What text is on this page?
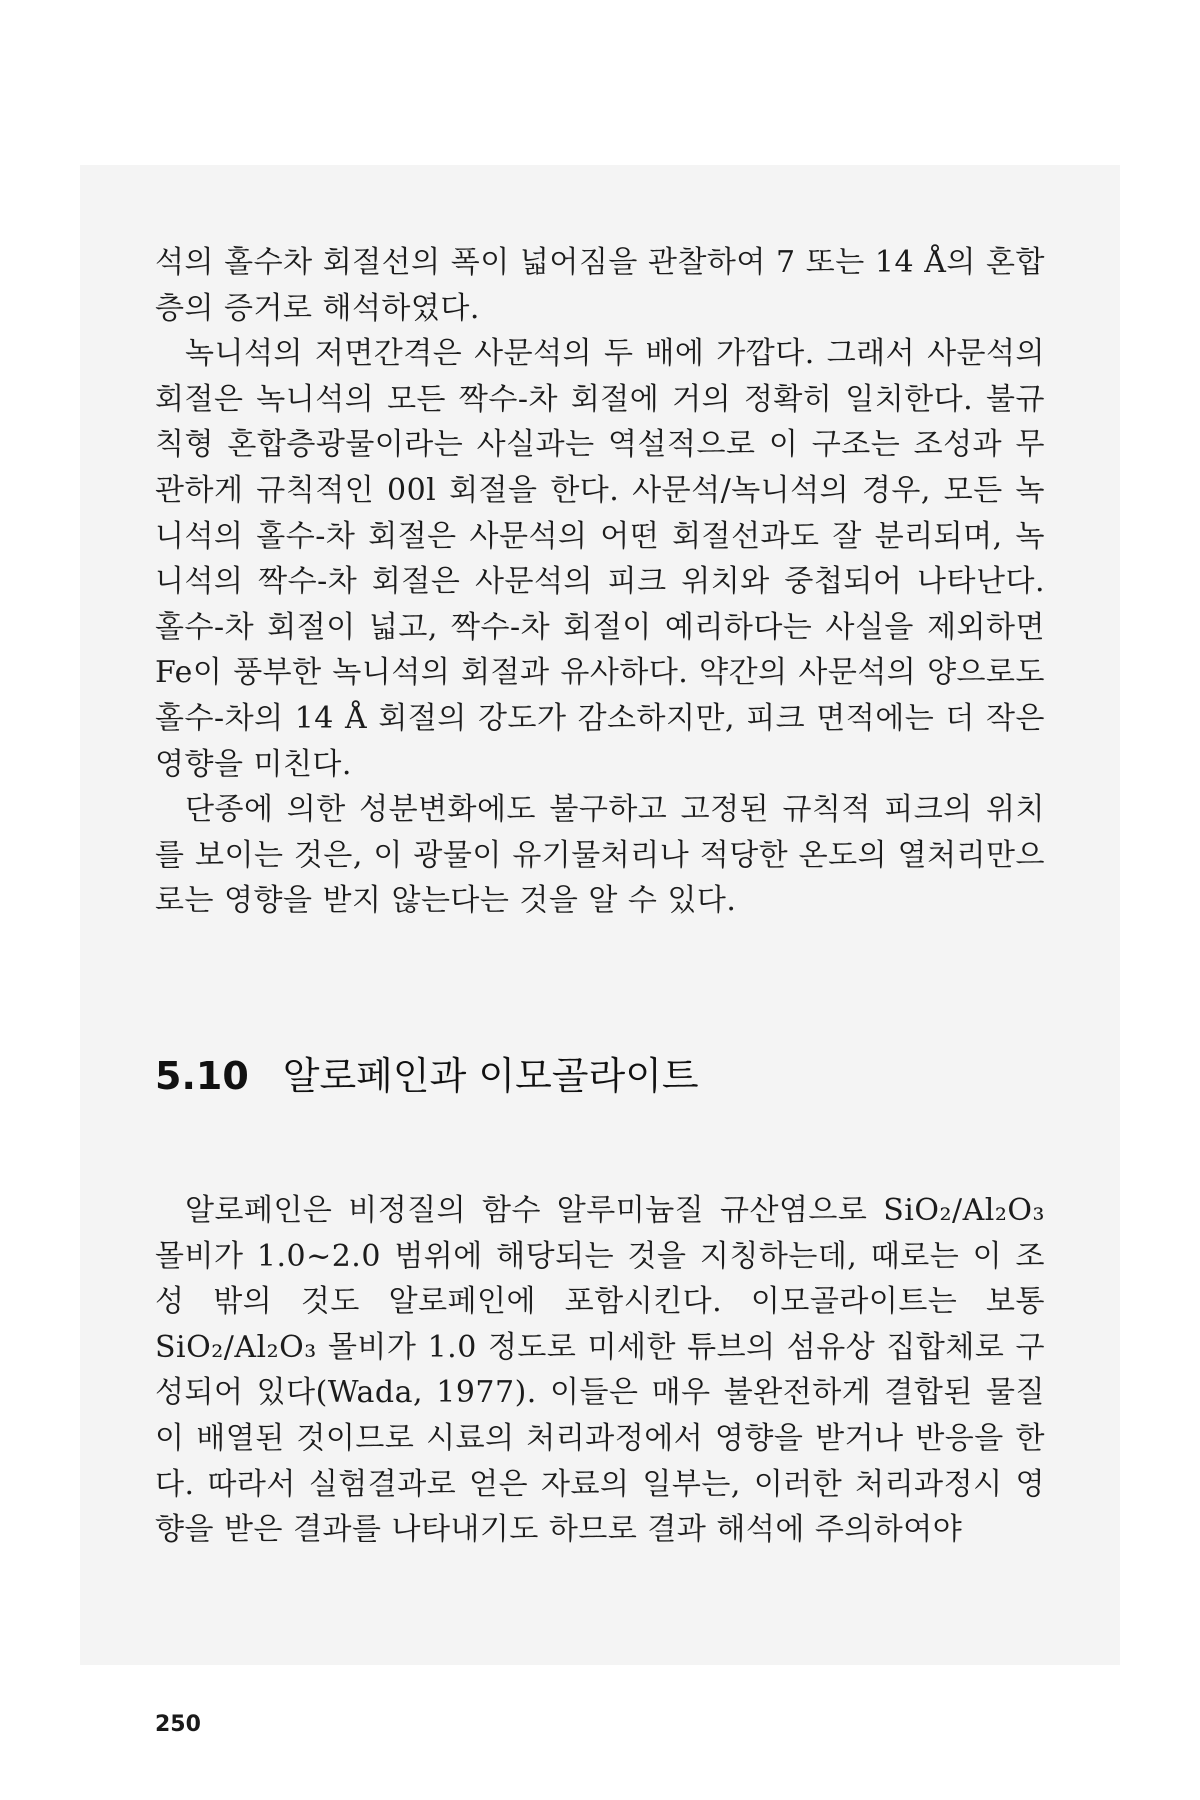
석의 홀수차 회절선의 폭이 넓어짐을 관찰하여 7 또는 14 Å의 혼합층의 증거로 해석하였다.

녹니석의 저면간격은 사문석의 두 배에 가깝다. 그래서 사문석의 회절은 녹니석의 모든 짝수-차 회절에 거의 정확히 일치한다. 불규칙형 혼합층광물이라는 사실과는 역설적으로 이 구조는 조성과 무관하게 규칙적인 00l 회절을 한다. 사문석/녹니석의 경우, 모든 녹니석의 홀수-차 회절은 사문석의 어떤 회절선과도 잘 분리되며, 녹니석의 짝수-차 회절은 사문석의 피크 위치와 중첩되어 나타난다. 홀수-차 회절이 넓고, 짝수-차 회절이 예리하다는 사실을 제외하면 Fe이 풍부한 녹니석의 회절과 유사하다. 약간의 사문석의 양으로도 홀수-차의 14 Å 회절의 강도가 감소하지만, 피크 면적에는 더 작은 영향을 미친다.

단종에 의한 성분변화에도 불구하고 고정된 규칙적 피크의 위치를 보이는 것은, 이 광물이 유기물처리나 적당한 온도의 열처리만으로는 영향을 받지 않는다는 것을 알 수 있다.

5.10 알로페인과 이모골라이트

알로페인은 비정질의 함수 알루미늄질 규산염으로 SiO₂/Al₂O₃ 몰비가 1.0~2.0 범위에 해당되는 것을 지칭하는데, 때로는 이 조성 밖의 것도 알로페인에 포함시킨다. 이모골라이트는 보통 SiO₂/Al₂O₃ 몰비가 1.0 정도로 미세한 튜브의 섬유상 집합체로 구성되어 있다(Wada, 1977). 이들은 매우 불완전하게 결합된 물질이 배열된 것이므로 시료의 처리과정에서 영향을 받거나 반응을 한다. 따라서 실험결과로 얻은 자료의 일부는, 이러한 처리과정시 영향을 받은 결과를 나타내기도 하므로 결과 해석에 주의하여야

250
